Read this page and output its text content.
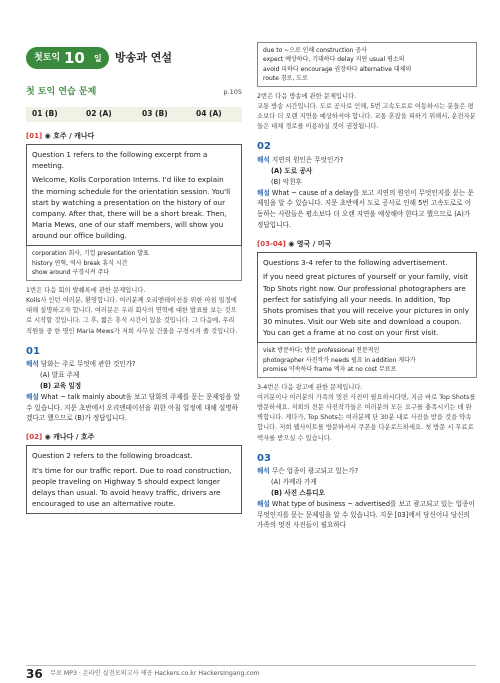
첫토익 10 일 방송과 연설
첫 토익 연습 문제	p.105
01 (B)	02 (A)	03 (B)	04 (A)
[01] ◉ 호주 / 캐나다
Question 1 refers to the following excerpt from a meeting.

Welcome, Kolls Corporation Interns. I'd like to explain the morning schedule for the orientation session. You'll start by watching a presentation on the history of our company. After that, there will be a short break. Then, Maria Mews, one of our staff members, will show you around our office building.

corporation 회사, 기업 presentation 발표
history 연혁, 역사 break 휴식 시간
show around 구경시켜 주다
1번은 다음 회의 발췌록에 관한 문제입니다.
Kolls사 인턴 여러분, 환영합니다. 여러분께 오리엔테이션을 위한 아침 일정에 대해 설명하고자 합니다. 여러분은 우리 회사의 연혁에 대한 발표를 보는 것으로 시작할 것입니다. 그 후, 짧은 휴식 시간이 있을 것입니다. 그 다음에, 우리 직원들 중 한 명인 Maria Mews가 저희 사무실 건물을 구경시켜 줄 것입니다.
01
해석 담화는 주로 무엇에 관한 것인가?
(A) 발표 주제
(B) 교육 일정
해설 What ~ talk mainly about을 보고 담화의 주제를 묻는 문제임을 알 수 있습니다. 지문 초반에서 오리엔테이션을 위한 아침 일정에 대해 설명하겠다고 했으므로 (B)가 정답입니다.
[02] ◉ 캐나다 / 호주
Question 2 refers to the following broadcast.

It's time for our traffic report. Due to road construction, people traveling on Highway 5 should expect longer delays than usual. To avoid heavy traffic, drivers are encouraged to use an alternative route.

due to ~으로 인해 construction 공사
expect 예상하다, 기대하다 delay 지연 usual 평소의
avoid 피하다 encourage 권장하다 alternative 대체의
route 경로, 도로
2번은 다음 방송에 관한 문제입니다.
교통 방송 시간입니다. 도로 공사로 인해, 5번 고속도로로 이동하시는 분들은 평소보다 더 오랜 지연을 예상하셔야 합니다. 교통 혼잡을 피하기 위해서, 운전자분들은 대체 경로를 이용하실 것이 권장됩니다.
02
해석 지연의 원인은 무엇인가?
(A) 도로 공사
(B) 악천후
해설 What ~ cause of a delay를 보고 지연의 원인이 무엇인지를 묻는 문제임을 알 수 있습니다. 지문 초반에서 도로 공사로 인해 5번 고속도로로 이동하는 사람들은 평소보다 더 오랜 지연을 예상해야 한다고 했으므로 (A)가 정답입니다.
[03-04] ◉ 영국 / 미국
Questions 3-4 refer to the following advertisement.

If you need great pictures of yourself or your family, visit Top Shots right now. Our professional photographers are perfect for satisfying all your needs. In addition, Top Shots promises that you will receive your pictures in only 30 minutes. Visit our Web site and download a coupon. You can get a frame at no cost on your first visit.

visit 방문하다; 방문 professional 전문적인
photographer 사진작가 needs 필요 in addition 게다가
promise 약속하다 frame 액자 at no cost 무료로
3-4번은 다음 광고에 관한 문제입니다.
여러분이나 여러분의 가족의 멋진 사진이 필요하시다면, 지금 바로 Top Shots를 방문하세요. 저희의 전문 사진작가들은 여러분의 모든 요구를 충족시키는 데 완벽합니다. 게다가, Top Shots는 여러분께 단 30분 내로 사진을 받을 것을 약속합니다. 저희 웹사이트를 방문하셔서 쿠폰을 다운로드하세요. 첫 방문 시 무료로 액자를 받으실 수 있습니다.
03
해석 무슨 업종이 광고되고 있는가?
(A) 카메라 가게
(B) 사진 스튜디오
해설 What type of business ~ advertised를 보고 광고되고 있는 업종이 무엇인지를 묻는 문제임을 알 수 있습니다. 지문 [03]에서 당신이나 당신의 가족의 멋진 사진들이 필요하다
36 무료 MP3 · 온라인 실전모의고사 제공 Hackers.co.kr HackersIngang.com
